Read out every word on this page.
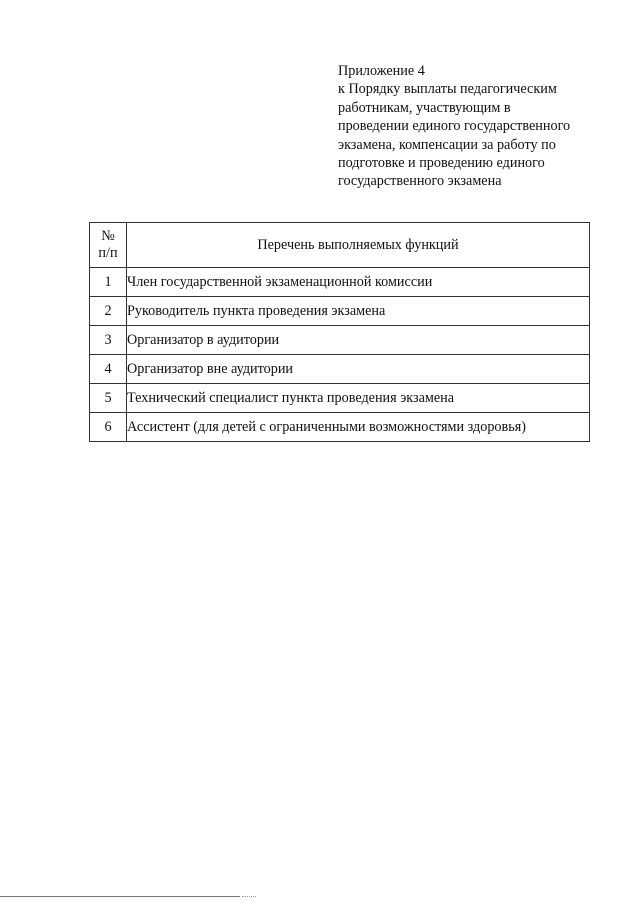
Приложение 4
к Порядку выплаты педагогическим
работникам, участвующим в
проведении единого государственного
экзамена, компенсации за работу по
подготовке и проведению единого
государственного экзамена
№
п/п	Перечень выполняемых функций
1	Член государственной экзаменационной комиссии
2	Руководитель пункта проведения экзамена
3	Организатор в аудитории
4	Организатор вне аудитории
5	Технический специалист пункта проведения экзамена
6	Ассистент (для детей с ограниченными возможностями здоровья)
